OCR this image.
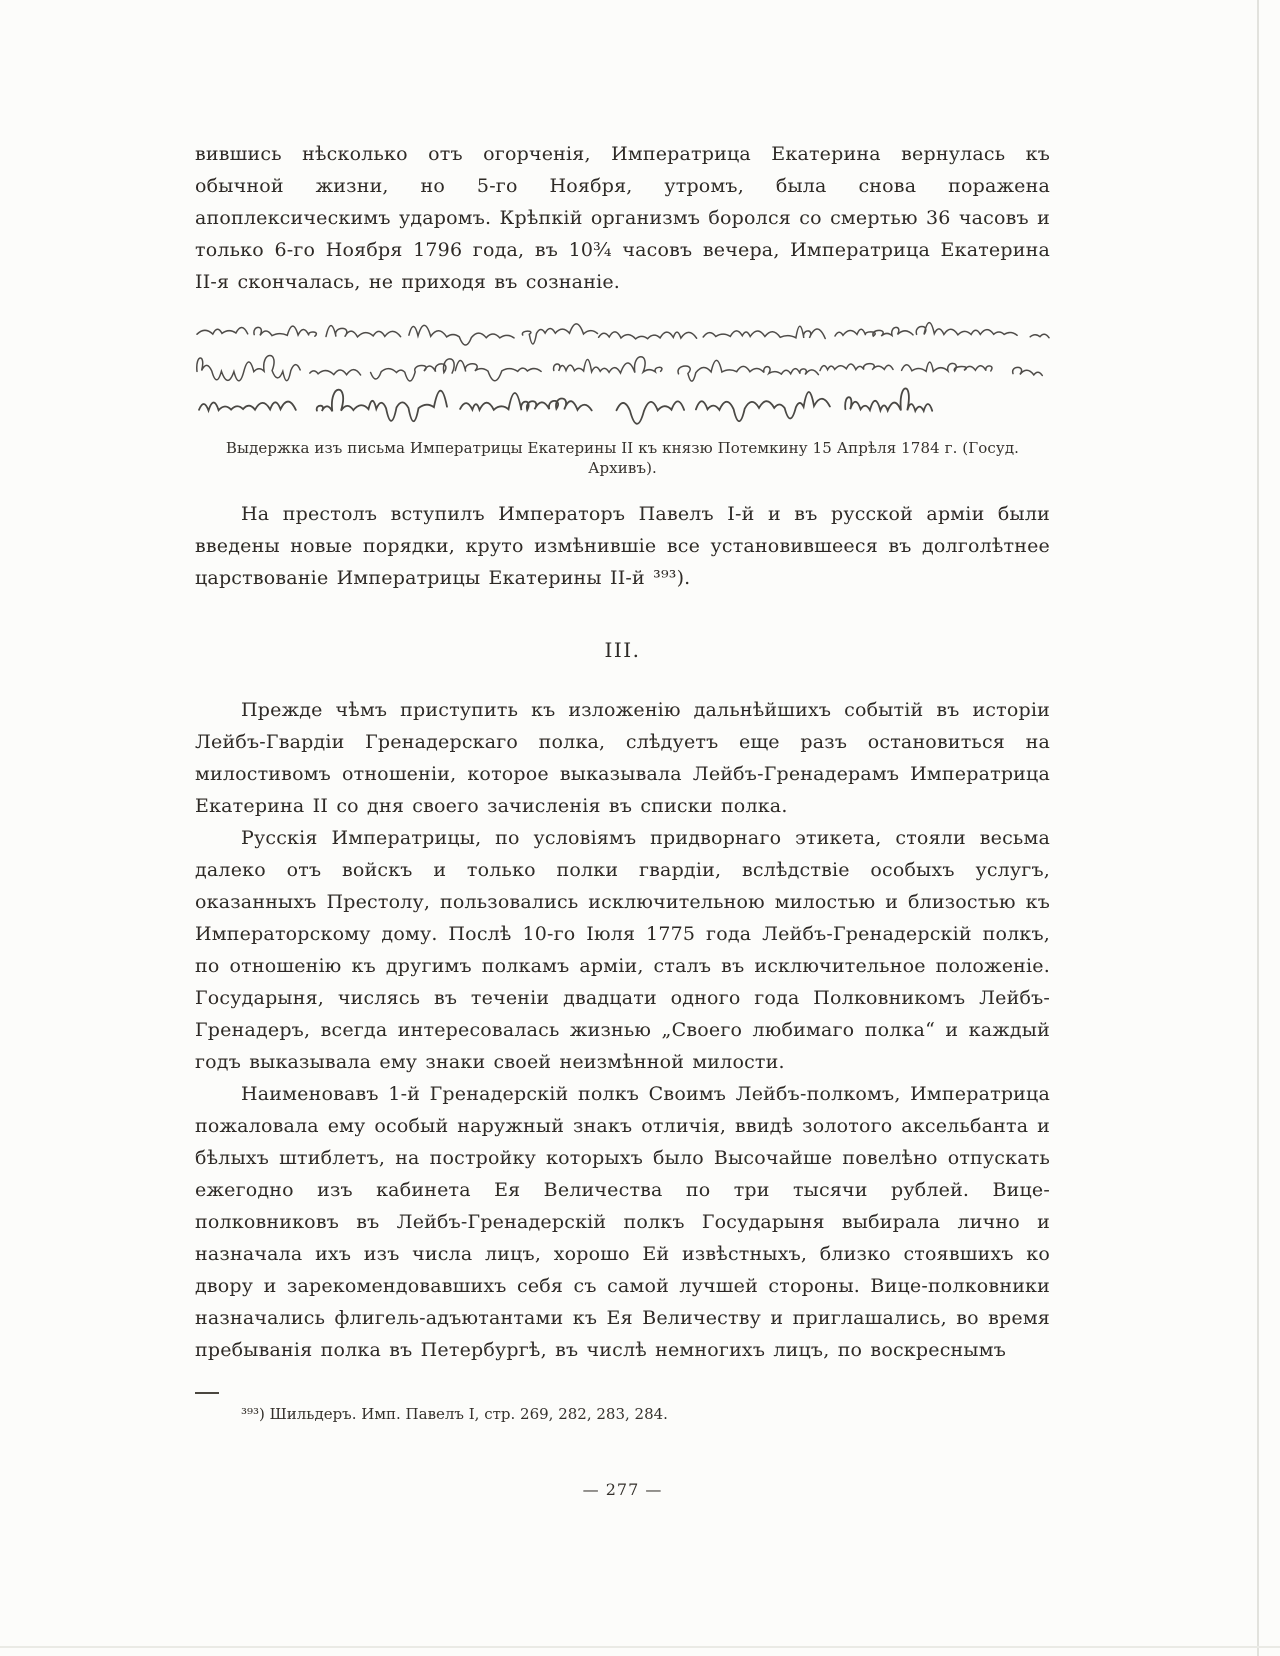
вившись нѣсколько отъ огорченія, Императрица Екатерина вернулась къ обычной жизни, но 5-го Ноября, утромъ, была снова поражена апоплексическимъ ударомъ. Крѣпкій организмъ боролся со смертью 36 часовъ и только 6-го Ноября 1796 года, въ 10¾ часовъ вечера, Императрица Екатерина II-я скончалась, не приходя въ сознаніе.

Выдержка изъ письма Императрицы Екатерины II къ князю Потемкину 15 Апрѣля 1784 г. (Госуд. Архивъ).

На престолъ вступилъ Императоръ Павелъ I-й и въ русской арміи были введены новые порядки, круто измѣнившіе все установившееся въ долголѣтнее царствованіе Императрицы Екатерины II-й ³⁹³).

III.

Прежде чѣмъ приступить къ изложенію дальнѣйшихъ событій въ исторіи Лейбъ-Гвардіи Гренадерскаго полка, слѣдуетъ еще разъ остановиться на милостивомъ отношеніи, которое выказывала Лейбъ-Гренадерамъ Императрица Екатерина II со дня своего зачисленія въ списки полка.

Русскія Императрицы, по условіямъ придворнаго этикета, стояли весьма далеко отъ войскъ и только полки гвардіи, вслѣдствіе особыхъ услугъ, оказанныхъ Престолу, пользовались исключительною милостью и близостью къ Императорскому дому. Послѣ 10-го Іюля 1775 года Лейбъ-Гренадерскій полкъ, по отношенію къ другимъ полкамъ арміи, сталъ въ исключительное положеніе. Государыня, числясь въ теченіи двадцати одного года Полковникомъ Лейбъ-Гренадеръ, всегда интересовалась жизнью „Своего любимаго полка“ и каждый годъ выказывала ему знаки своей неизмѣнной милости.

Наименовавъ 1-й Гренадерскій полкъ Своимъ Лейбъ-полкомъ, Императрица пожаловала ему особый наружный знакъ отличія, ввидѣ золотого аксельбанта и бѣлыхъ штиблетъ, на постройку которыхъ было Высочайше повелѣно отпускать ежегодно изъ кабинета Ея Величества по три тысячи рублей. Вице-полковниковъ въ Лейбъ-Гренадерскій полкъ Государыня выбирала лично и назначала ихъ изъ числа лицъ, хорошо Ей извѣстныхъ, близко стоявшихъ ко двору и зарекомендовавшихъ себя съ самой лучшей стороны. Вице-полковники назначались флигель-адъютантами къ Ея Величеству и приглашались, во время пребыванія полка въ Петербургѣ, въ числѣ немногихъ лицъ, по воскреснымъ

³⁹³) Шильдеръ. Имп. Павелъ I, стр. 269, 282, 283, 284.

— 277 —
